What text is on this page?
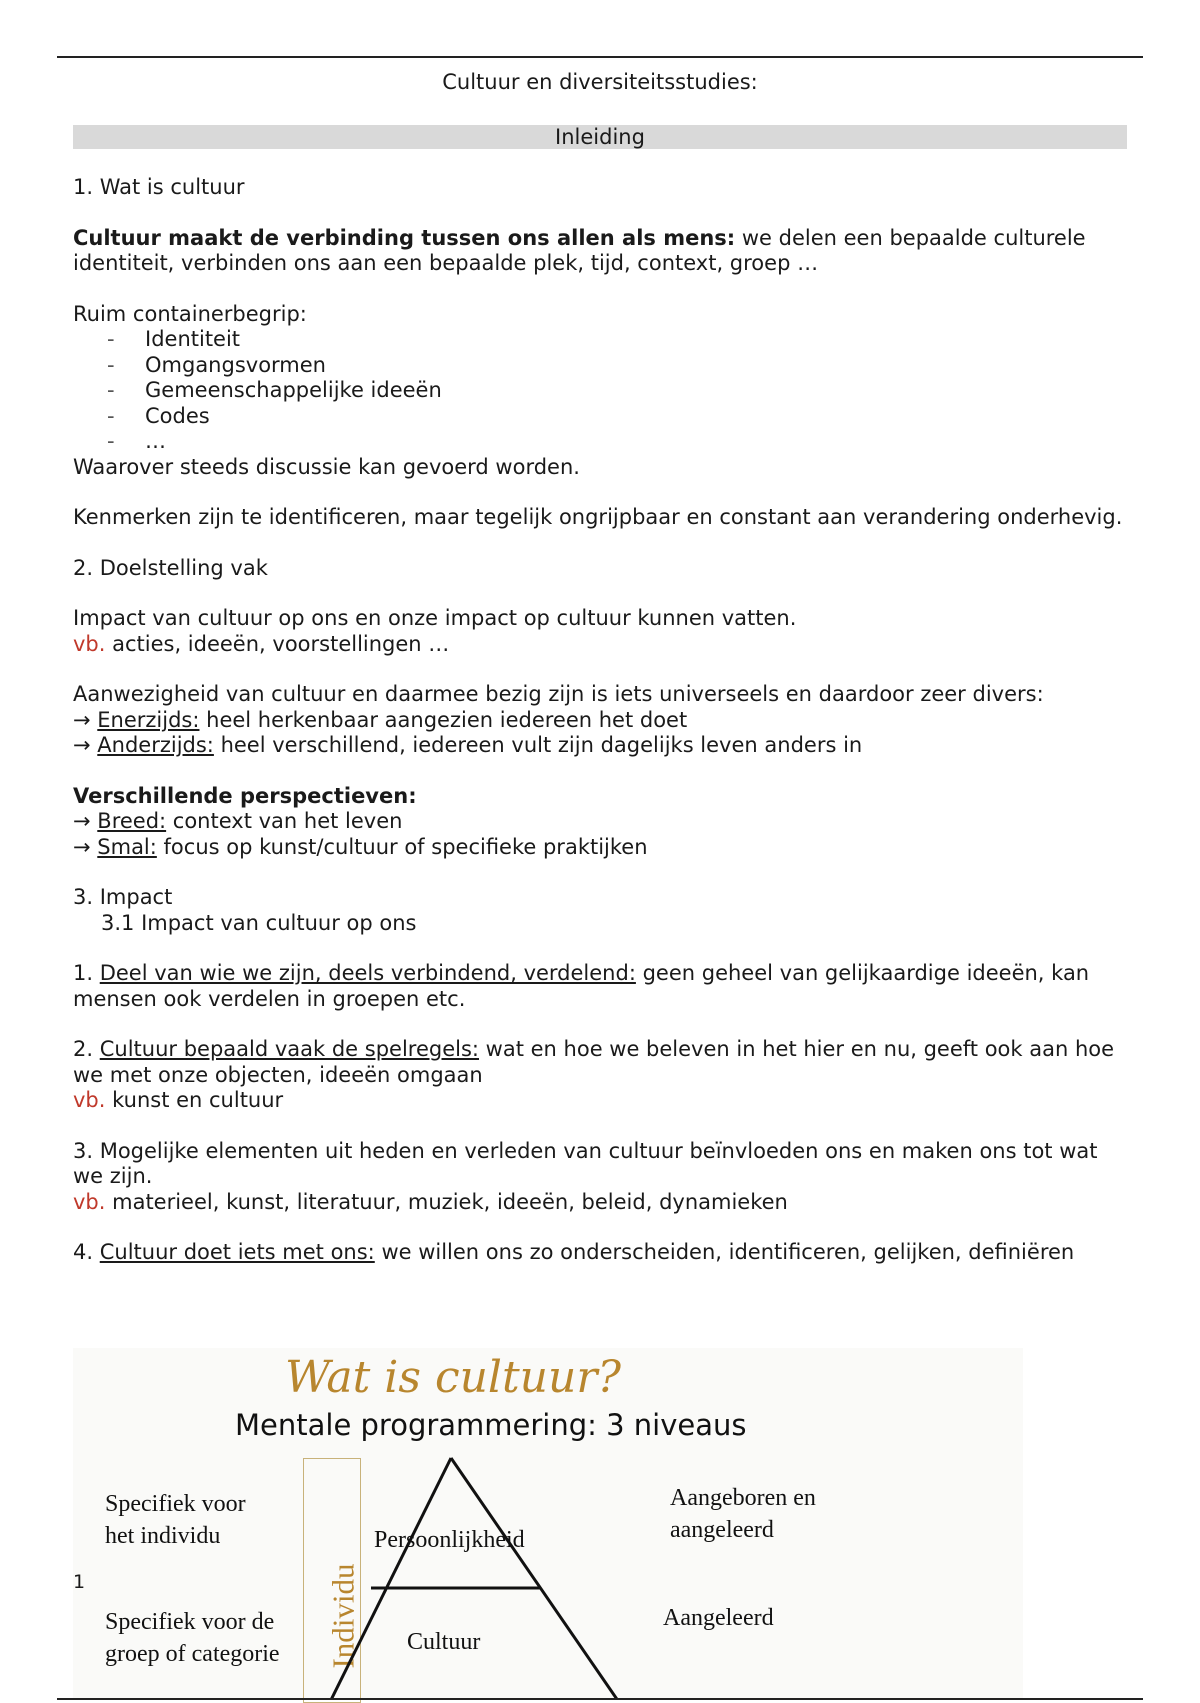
Cultuur en diversiteitsstudies:
Inleiding

1. Wat is cultuur

Cultuur maakt de verbinding tussen ons allen als mens: we delen een bepaalde culturele identiteit, verbinden ons aan een bepaalde plek, tijd, context, groep …

Ruim containerbegrip:

- Identiteit
- Omgangsvormen
- Gemeenschappelijke ideeën
- Codes
- …

Waarover steeds discussie kan gevoerd worden.

Kenmerken zijn te identificeren, maar tegelijk ongrijpbaar en constant aan verandering onderhevig.

2. Doelstelling vak

Impact van cultuur op ons en onze impact op cultuur kunnen vatten.

vb. acties, ideeën, voorstellingen …

Aanwezigheid van cultuur en daarmee bezig zijn is iets universeels en daardoor zeer divers:

→ Enerzijds: heel herkenbaar aangezien iedereen het doet

→ Anderzijds: heel verschillend, iedereen vult zijn dagelijks leven anders in

Verschillende perspectieven:

→ Breed: context van het leven

→ Smal: focus op kunst/cultuur of specifieke praktijken

3. Impact

3.1 Impact van cultuur op ons

1. Deel van wie we zijn, deels verbindend, verdelend: geen geheel van gelijkaardige ideeën, kan mensen ook verdelen in groepen etc.

2. Cultuur bepaald vaak de spelregels: wat en hoe we beleven in het hier en nu, geeft ook aan hoe we met onze objecten, ideeën omgaan

vb. kunst en cultuur

3. Mogelijke elementen uit heden en verleden van cultuur beïnvloeden ons en maken ons tot wat we zijn.

vb. materieel, kunst, literatuur, muziek, ideeën, beleid, dynamieken

4. Cultuur doet iets met ons: we willen ons zo onderscheiden, identificeren, gelijken, definiëren

Wat is cultuur?
Mentale programmering: 3 niveaus
Specifiek voor het individu
Specifiek voor de groep of categorie	Individu
Persoonlijkheid
Cultuur
Aangeboren en aangeleerd
Aangeleerd
1
